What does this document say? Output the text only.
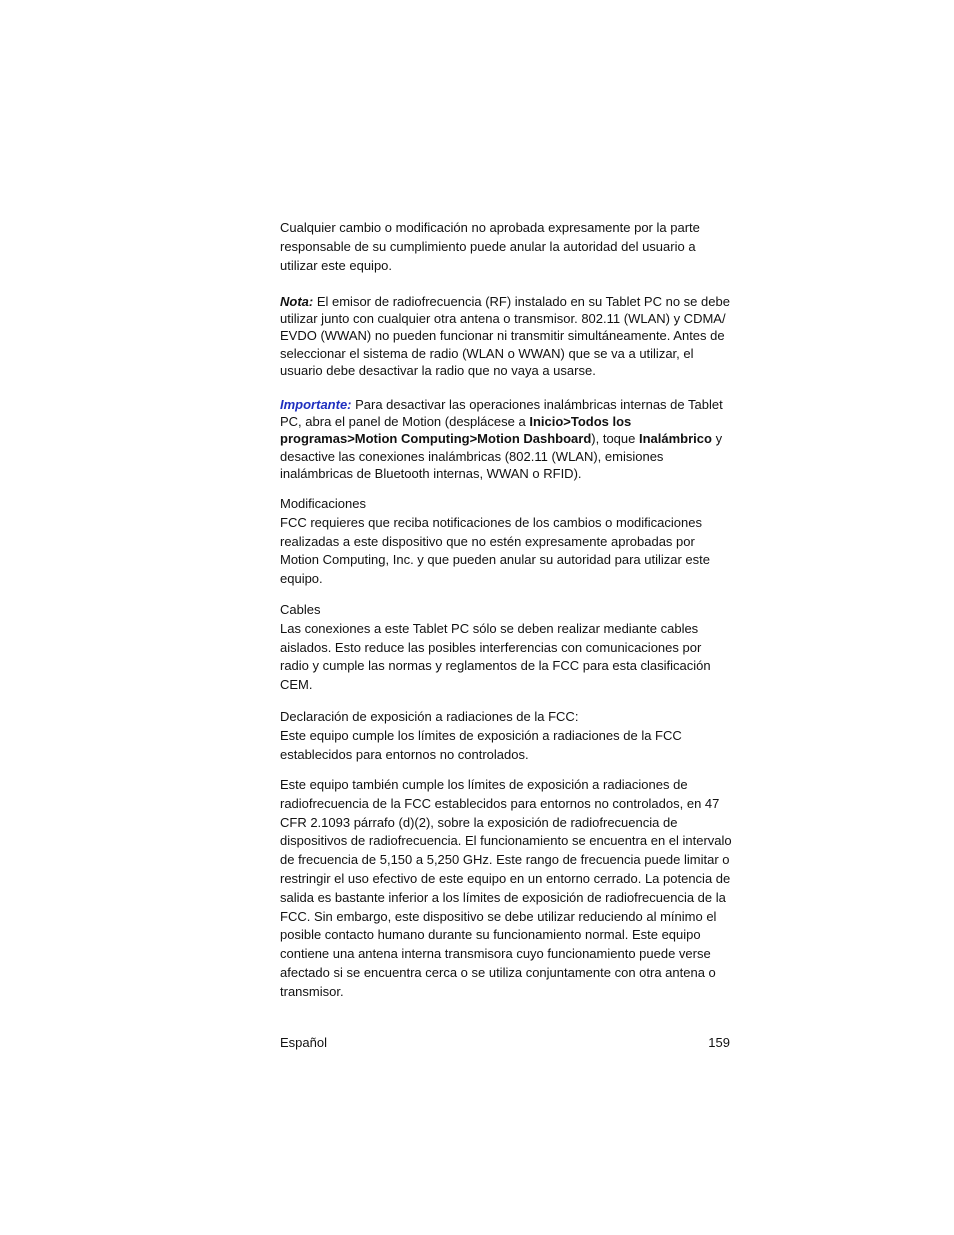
Cualquier cambio o modificación no aprobada expresamente por la parte responsable de su cumplimiento puede anular la autoridad del usuario a utilizar este equipo.

Nota: El emisor de radiofrecuencia (RF) instalado en su Tablet PC no se debe utilizar junto con cualquier otra antena o transmisor. 802.11 (WLAN) y CDMA/ EVDO (WWAN) no pueden funcionar ni transmitir simultáneamente. Antes de seleccionar el sistema de radio (WLAN o WWAN) que se va a utilizar, el usuario debe desactivar la radio que no vaya a usarse.

Importante: Para desactivar las operaciones inalámbricas internas de Tablet PC, abra el panel de Motion (desplácese a Inicio>Todos los programas>Motion Computing>Motion Dashboard), toque Inalámbrico y desactive las conexiones inalámbricas (802.11 (WLAN), emisiones inalámbricas de Bluetooth internas, WWAN o RFID).

Modificaciones

FCC requieres que reciba notificaciones de los cambios o modificaciones realizadas a este dispositivo que no estén expresamente aprobadas por Motion Computing, Inc. y que pueden anular su autoridad para utilizar este equipo.

Cables

Las conexiones a este Tablet PC sólo se deben realizar mediante cables aislados. Esto reduce las posibles interferencias con comunicaciones por radio y cumple las normas y reglamentos de la FCC para esta clasificación CEM.

Declaración de exposición a radiaciones de la FCC:

Este equipo cumple los límites de exposición a radiaciones de la FCC establecidos para entornos no controlados.

Este equipo también cumple los límites de exposición a radiaciones de radiofrecuencia de la FCC establecidos para entornos no controlados, en 47 CFR 2.1093 párrafo (d)(2), sobre la exposición de radiofrecuencia de dispositivos de radiofrecuencia. El funcionamiento se encuentra en el intervalo de frecuencia de 5,150 a 5,250 GHz. Este rango de frecuencia puede limitar o restringir el uso efectivo de este equipo en un entorno cerrado. La potencia de salida es bastante inferior a los límites de exposición de radiofrecuencia de la FCC. Sin embargo, este dispositivo se debe utilizar reduciendo al mínimo el posible contacto humano durante su funcionamiento normal. Este equipo contiene una antena interna transmisora cuyo funcionamiento puede verse afectado si se encuentra cerca o se utiliza conjuntamente con otra antena o transmisor.

Español	159
